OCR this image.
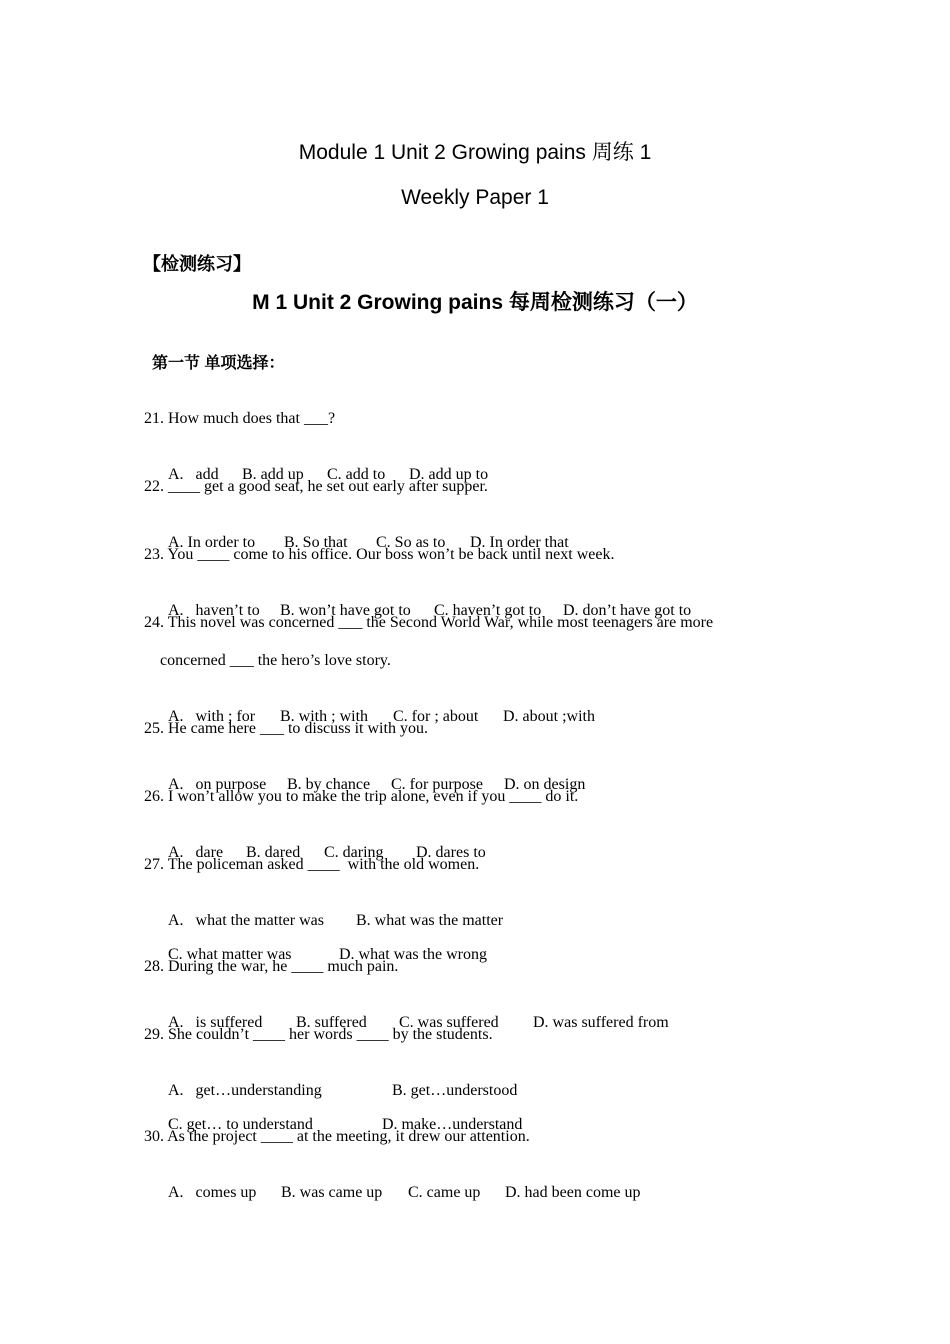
Module 1 Unit 2 Growing pains 周练 1
Weekly Paper 1
【检测练习】
M 1 Unit 2 Growing pains 每周检测练习（一）
第一节 单项选择：
21. How much does that ___?

A.   add B. add up C. add to D. add up to

22. ____ get a good seat, he set out early after supper.

A. In order to B. So that C. So as to D. In order that

23. You ____ come to his office. Our boss won’t be back until next week.

A.   haven’t to B. won’t have got to C. haven’t got to D. don’t have got to

24. This novel was concerned ___ the Second World War, while most teenagers are more
concerned ___ the hero’s love story.

A.   with ; for B. with ; with C. for ; about D. about ;with

25. He came here ___ to discuss it with you.

A.   on purpose B. by chance C. for purpose D. on design

26. I won’t allow you to make the trip alone, even if you ____ do it.

A.   dare B. dared C. daring D. dares to

27. The policeman asked ____  with the old women.

A.   what the matter was B. what was the matter

C. what matter was	D. what was the wrong

28. During the war, he ____ much pain.

A.   is suffered B. suffered C. was suffered D. was suffered from

29. She couldn’t ____ her words ____ by the students.

A.   get…understanding	B. get…understood

C. get… to understand	D. make…understand

30. As the project ____ at the meeting, it drew our attention.

A.   comes up B. was came up C. came up D. had been come up
